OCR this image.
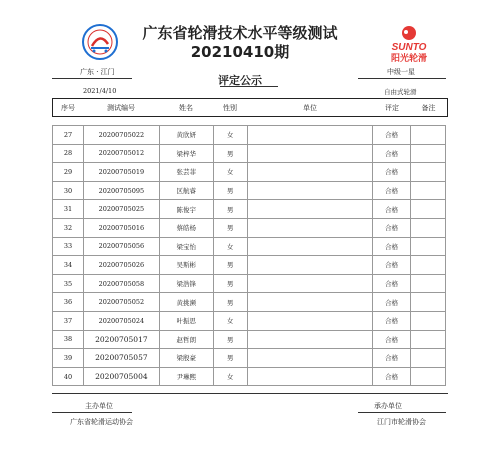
SUNTO
阳光轮滑
广东省轮滑技术水平等级测试
20210410期
广东 · 江门	中级一星
评定公示
2021/4/10	自由式轮滑
序号	测试编号	姓名	性别	单位	评定	备注
27	20200705022	黄欣妍	女		合格	
28	20200705012	梁梓华	男		合格	
29	20200705019	张芸菲	女		合格	
30	20200705095	区航睿	男		合格	
31	20200705025	陈俊宇	男		合格	
32	20200705016	蔡皓杨	男		合格	
33	20200705056	梁宝怡	女		合格	
34	20200705026	吴斯彬	男		合格	
35	20200705058	梁浩锋	男		合格	
36	20200705052	黄挑濒	男		合格	
37	20200705024	叶振思	女		合格	
38	20200705017	赵哲朗	男		合格	
39	20200705057	梁殷豪	男		合格	
40	20200705004	尹琳熙	女		合格	
主办单位	承办单位
广东省轮滑运动协会	江门市轮滑协会
